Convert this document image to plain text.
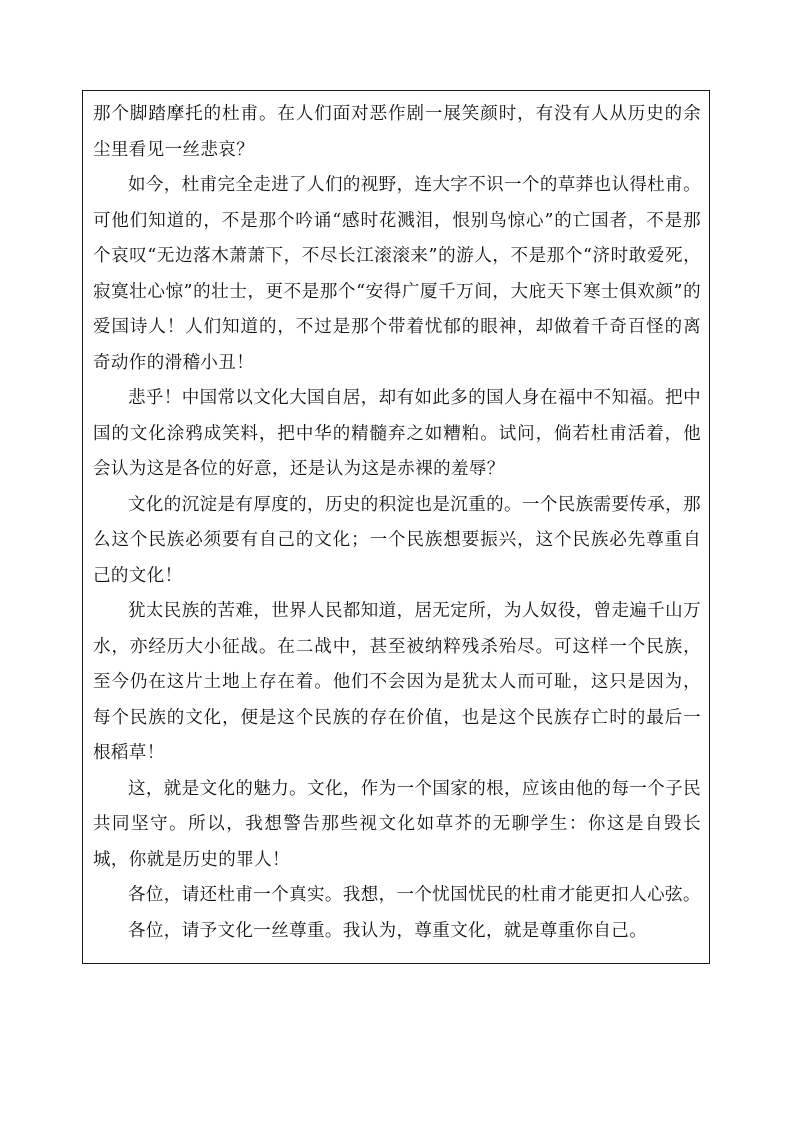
那个脚踏摩托的杜甫。在人们面对恶作剧一展笑颜时，有没有人从历史的余尘里看见一丝悲哀？

如今，杜甫完全走进了人们的视野，连大字不识一个的草莽也认得杜甫。可他们知道的，不是那个吟诵“感时花溅泪，恨别鸟惊心”的亡国者，不是那个哀叹“无边落木萧萧下，不尽长江滚滚来”的游人，不是那个“济时敢爱死，寂寞壮心惊”的壮士，更不是那个“安得广厦千万间，大庇天下寒士俱欢颜”的爱国诗人！人们知道的，不过是那个带着忧郁的眼神，却做着千奇百怪的离奇动作的滑稽小丑！

悲乎！中国常以文化大国自居，却有如此多的国人身在福中不知福。把中国的文化涂鸦成笑料，把中华的精髓弃之如糟粕。试问，倘若杜甫活着，他会认为这是各位的好意，还是认为这是赤裸的羞辱？

文化的沉淀是有厚度的，历史的积淀也是沉重的。一个民族需要传承，那么这个民族必须要有自己的文化；一个民族想要振兴，这个民族必先尊重自己的文化！

犹太民族的苦难，世界人民都知道，居无定所，为人奴役，曾走遍千山万水，亦经历大小征战。在二战中，甚至被纳粹残杀殆尽。可这样一个民族，至今仍在这片土地上存在着。他们不会因为是犹太人而可耻，这只是因为，每个民族的文化，便是这个民族的存在价值，也是这个民族存亡时的最后一根稻草！

这，就是文化的魅力。文化，作为一个国家的根，应该由他的每一个子民共同坚守。所以，我想警告那些视文化如草芥的无聊学生：你这是自毁长城，你就是历史的罪人！

各位，请还杜甫一个真实。我想，一个忧国忧民的杜甫才能更扣人心弦。

各位，请予文化一丝尊重。我认为，尊重文化，就是尊重你自己。
